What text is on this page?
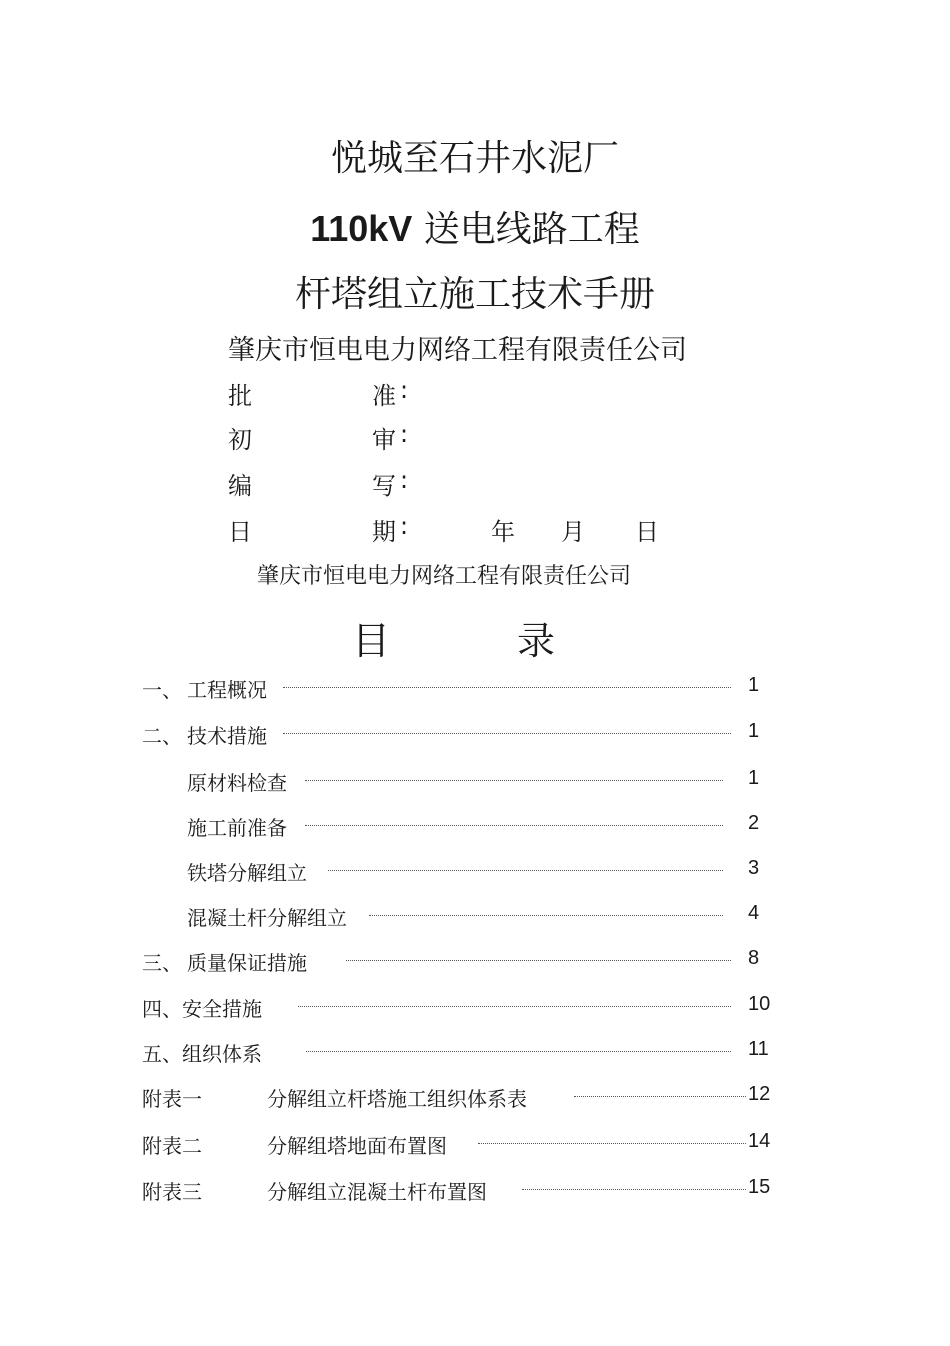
悦城至石井水泥厂
110kV 送电线路工程
杆塔组立施工技术手册
肇庆市恒电电力网络工程有限责任公司
批	准 :
初	审 :
编	写 :
日	期 :	年 月 日
肇庆市恒电电力网络工程有限责任公司
目	录
一、 工程概况	1
二、 技术措施	1
原材料检查	1
施工前准备	2
铁塔分解组立	3
混凝土杆分解组立	4
三、 质量保证措施	8
四、安全措施	10
五、组织体系	11
附表一	分解组立杆塔施工组织体系表	12
附表二	分解组塔地面布置图	14
附表三	分解组立混凝土杆布置图	15
